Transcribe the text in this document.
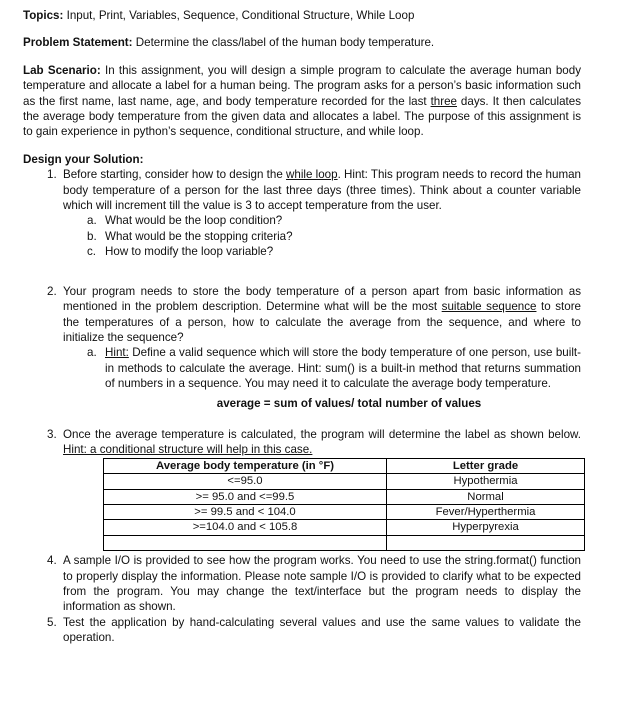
Topics: Input, Print, Variables, Sequence, Conditional Structure, While Loop

Problem Statement: Determine the class/label of the human body temperature.

Lab Scenario: In this assignment, you will design a simple program to calculate the average human body temperature and allocate a label for a human being. The program asks for a person’s basic information such as the first name, last name, age, and body temperature recorded for the last three days. It then calculates the average body temperature from the given data and allocates a label. The purpose of this assignment is to gain experience in python’s sequence, conditional structure, and while loop.

Design your Solution:

1. Before starting, consider how to design the while loop. Hint: This program needs to record the human body temperature of a person for the last three days (three times). Think about a counter variable which will increment till the value is 3 to accept temperature from the user.
a. What would be the loop condition?
b. What would be the stopping criteria?
c. How to modify the loop variable?
2. Your program needs to store the body temperature of a person apart from basic information as mentioned in the problem description. Determine what will be the most suitable sequence to store the temperatures of a person, how to calculate the average from the sequence, and where to initialize the sequence?
a. Hint: Define a valid sequence which will store the body temperature of one person, use built-in methods to calculate the average. Hint: sum() is a built-in method that returns summation of numbers in a sequence. You may need it to calculate the average body temperature.

average = sum of values/ total number of values

3. Once the average temperature is calculated, the program will determine the label as shown below. Hint: a conditional structure will help in this case.
Average body temperature (in °F)	Letter grade
<=95.0	Hypothermia
>= 95.0 and <=99.5	Normal
>= 99.5 and < 104.0	Fever/Hyperthermia
>=104.0 and < 105.8	Hyperpyrexia

4. A sample I/O is provided to see how the program works. You need to use the string.format() function to properly display the information. Please note sample I/O is provided to clarify what to be expected from the program. You may change the text/interface but the program needs to display the information as shown.
5. Test the application by hand-calculating several values and use the same values to validate the operation.
